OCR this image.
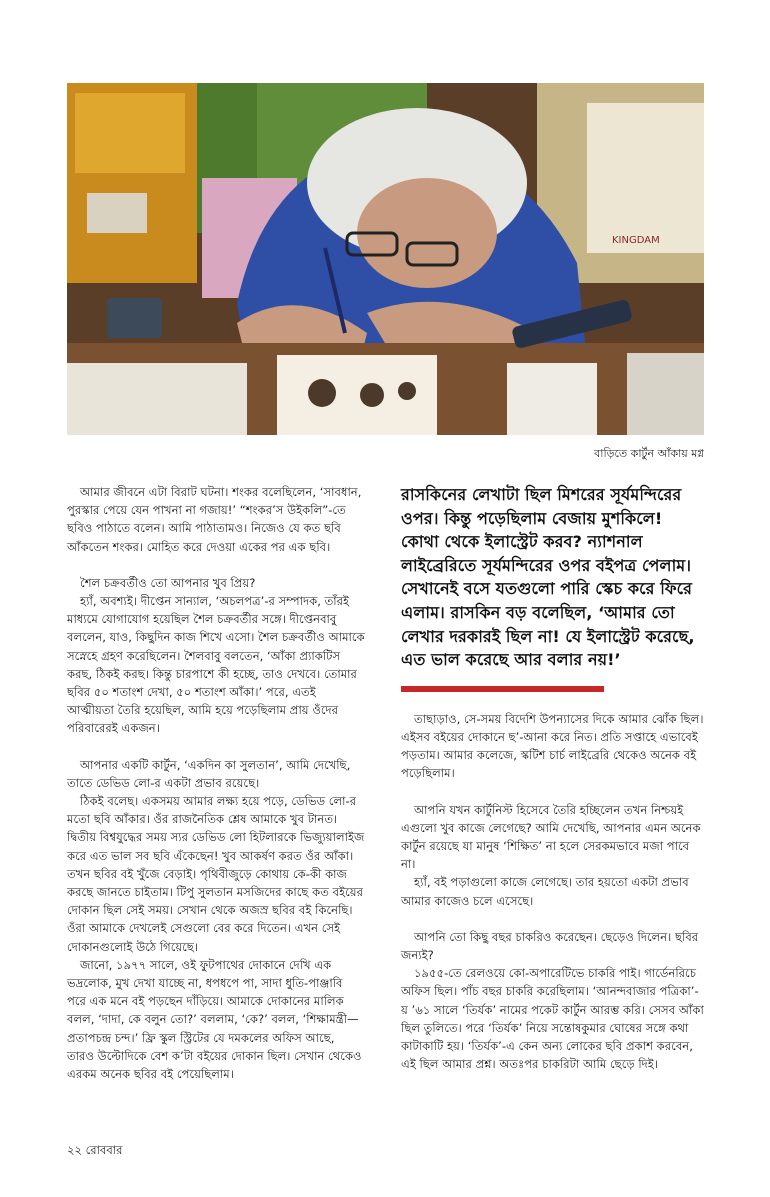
KINGDAM
বাড়িতে কার্টুন আঁকায় মগ্ন

আমার জীবনে এটা বিরাট ঘটনা। শংকর বলেছিলেন, ‘সাবধান, পুরস্কার পেয়ে যেন পাখনা না গজায়!’ “শংকর’স উইকলি”-তে ছবিও পাঠাতে বলেন। আমি পাঠাতামও। নিজেও যে কত ছবি আঁকতেন শংকর। মোহিত করে দেওয়া একের পর এক ছবি।

শৈল চক্রবর্তীও তো আপনার খুব প্রিয়?

হ্যাঁ, অবশ্যই। দীপ্তেন সান্যাল, ‘অচলপত্র’-র সম্পাদক, তাঁরই মাধ্যমে যোগাযোগ হয়েছিল শৈল চক্রবর্তীর সঙ্গে। দীপ্তেনবাবু বললেন, যাও, কিছুদিন কাজ শিখে এসো। শৈল চক্রবর্তীও আমাকে সস্নেহে গ্রহণ করেছিলেন। শৈলবাবু বলতেন, ‘আঁকা প্র্যাকটিস করছ, ঠিকই করছ। কিন্তু চারপাশে কী হচ্ছে, তাও দেখবে। তোমার ছবির ৫০ শতাংশ দেখা, ৫০ শতাংশ আঁকা।’ পরে, এতই আত্মীয়তা তৈরি হয়েছিল, আমি হয়ে পড়েছিলাম প্রায় ওঁদের পরিবারেরই একজন।

আপনার একটি কার্টুন, ‘একদিন কা সুলতান’, আমি দেখেছি, তাতে ডেভিড লো-র একটা প্রভাব রয়েছে।

ঠিকই বলেছ। একসময় আমার লক্ষ্য হয়ে পড়ে, ডেভিড লো-র মতো ছবি আঁকার। ওঁর রাজনৈতিক শ্লেষ আমাকে খুব টানত। দ্বিতীয় বিশ্বযুদ্ধের সময় স্যর ডেভিড লো হিটলারকে ভিজ্যুয়ালাইজ করে এত ভাল সব ছবি এঁকেছেন! খুব আকর্ষণ করত ওঁর আঁকা। তখন ছবির বই খুঁজে বেড়াই। পৃথিবীজুড়ে কোথায় কে-কী কাজ করছে জানতে চাইতাম। টিপু সুলতান মসজিদের কাছে কত বইয়ের দোকান ছিল সেই সময়। সেখান থেকে অজস্র ছবির বই কিনেছি। ওঁরা আমাকে দেখলেই সেগুলো বের করে দিতেন। এখন সেই দোকানগুলোই উঠে গিয়েছে।

জানো, ১৯৭৭ সালে, ওই ফুটপাথের দোকানে দেখি এক ভদ্রলোক, মুখ দেখা যাচ্ছে না, ধপধপে পা, সাদা ধুতি-পাঞ্জাবি পরে এক মনে বই পড়ছেন দাঁড়িয়ে। আমাকে দোকানের মালিক বলল, ‘দাদা, কে বলুন তো?’ বললাম, ‘কে?’ বলল, ‘শিক্ষামন্ত্রী— প্রতাপচন্দ্র চন্দ।’ ফ্রি স্কুল স্ট্রিটের যে দমকলের অফিস আছে, তারও উল্টোদিকে বেশ ক’টা বইয়ের দোকান ছিল। সেখান থেকেও এরকম অনেক ছবির বই পেয়েছিলাম।

রাসকিনের লেখাটা ছিল মিশরের সূর্যমন্দিরের ওপর। কিন্তু পড়েছিলাম বেজায় মুশকিলে! কোথা থেকে ইলাস্ট্রেট করব? ন্যাশনাল লাইব্রেরিতে সূর্যমন্দিরের ওপর বইপত্র পেলাম। সেখানেই বসে যতগুলো পারি স্কেচ করে ফিরে এলাম। রাসকিন বড় বলেছিল, ‘আমার তো লেখার দরকারই ছিল না! যে ইলাস্ট্রেট করেছে, এত ভাল করেছে আর বলার নয়!’

তাছাড়াও, সে-সময় বিদেশি উপন্যাসের দিকে আমার ঝোঁক ছিল। এইসব বইয়ের দোকানে ছ’-আনা করে নিত। প্রতি সপ্তাহে এভাবেই পড়তাম। আমার কলেজে, স্কটিশ চার্চ লাইব্রেরি থেকেও অনেক বই পড়েছিলাম।

আপনি যখন কার্টুনিস্ট হিসেবে তৈরি হচ্ছিলেন তখন নিশ্চয়ই এগুলো খুব কাজে লেগেছে? আমি দেখেছি, আপনার এমন অনেক কার্টুন রয়েছে যা মানুষ ‘শিক্ষিত’ না হলে সেরকমভাবে মজা পাবে না।

হ্যাঁ, বই পড়াগুলো কাজে লেগেছে। তার হয়তো একটা প্রভাব আমার কাজেও চলে এসেছে।

আপনি তো কিছু বছর চাকরিও করেছেন। ছেড়েও দিলেন। ছবির জন্যই?

১৯৫৫-তে রেলওয়ে কো-অপারেটিভে চাকরি পাই। গার্ডেনরিচে অফিস ছিল। পাঁচ বছর চাকরি করেছিলাম। ‘আনন্দবাজার পত্রিকা’-য় ’৬১ সালে ‘তির্যক’ নামের পকেট কার্টুন আরম্ভ করি। সেসব আঁকা ছিল তুলিতে। পরে ‘তির্যক’ নিয়ে সন্তোষকুমার ঘোষের সঙ্গে কথা কাটাকাটি হয়। ‘তির্যক’-এ কেন অন্য লোকের ছবি প্রকাশ করবেন, এই ছিল আমার প্রশ্ন। অতঃপর চাকরিটা আমি ছেড়ে দিই।

২২ রোববার
